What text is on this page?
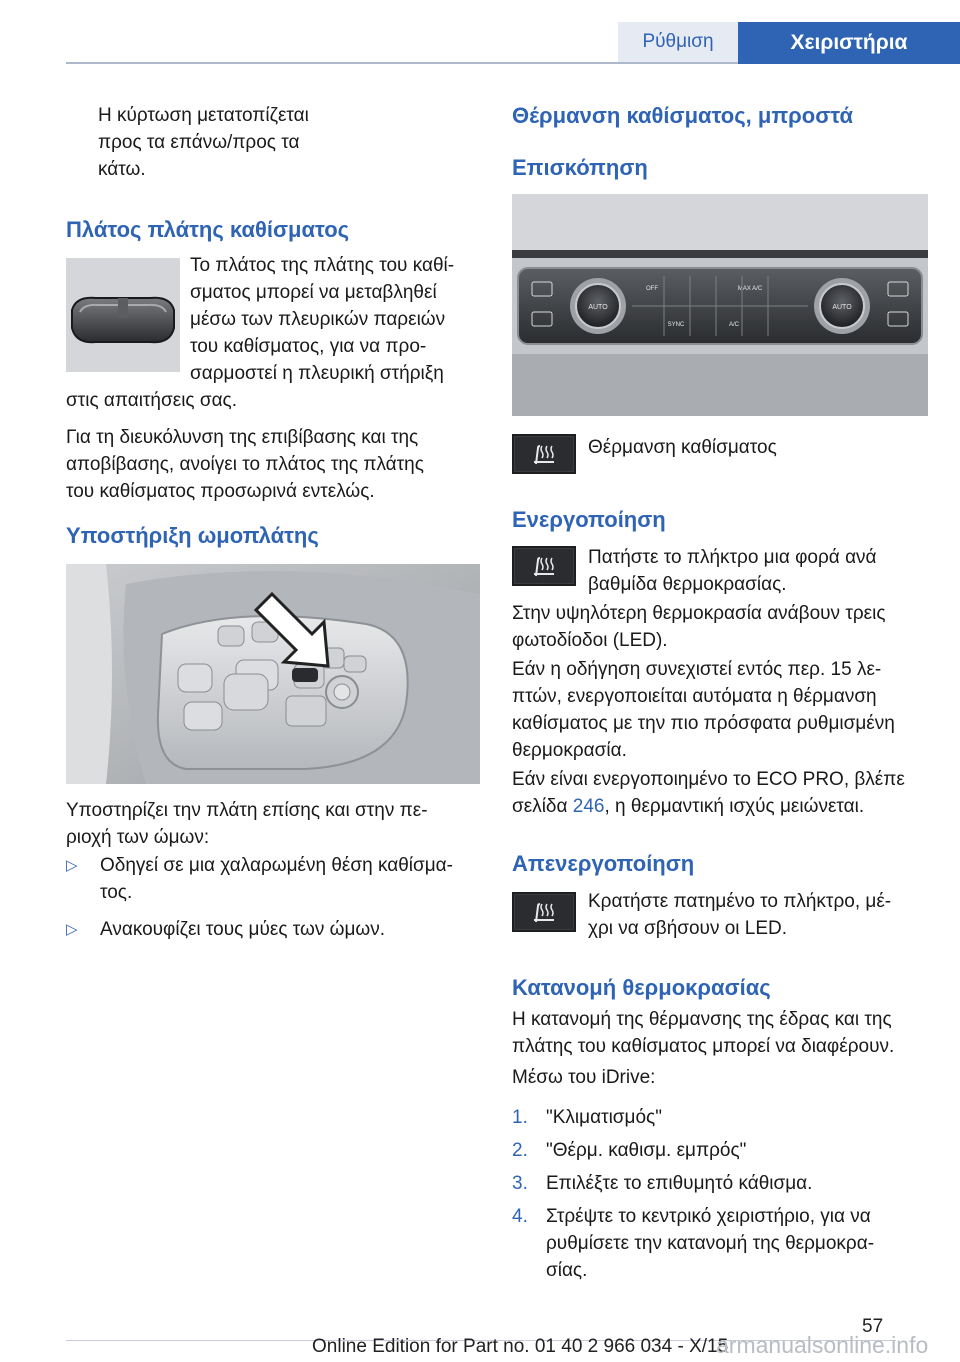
Ρύθμιση	Χειριστήρια

Η κύρτωση μετατοπίζεται

προς τα επάνω/προς τα

κάτω.

Πλάτος πλάτης καθίσματος

Το πλάτος της πλάτης του καθί-

σματος μπορεί να μεταβληθεί

μέσω των πλευρικών παρειών

του καθίσματος, για να προ-

σαρμοστεί η πλευρική στήριξη

στις απαιτήσεις σας.

Για τη διευκόλυνση της επιβίβασης και της

αποβίβασης, ανοίγει το πλάτος της πλάτης

του καθίσματος προσωρινά εντελώς.

Υποστήριξη ωμοπλάτης

Υποστηρίζει την πλάτη επίσης και στην πε-

ριοχή των ώμων:

▷	Οδηγεί σε μια χαλαρωμένη θέση καθίσμα-

τος.

▷	Ανακουφίζει τους μύες των ώμων.

Θέρμανση καθίσματος, μπροστά
Επισκόπηση
AUTO	AUTO
OFF	MAX A/C
SYNC	A/C

Θέρμανση καθίσματος

Ενεργοποίηση

Πατήστε το πλήκτρο μια φορά ανά

βαθμίδα θερμοκρασίας.

Στην υψηλότερη θερμοκρασία ανάβουν τρεις

φωτοδίοδοι (LED).

Εάν η οδήγηση συνεχιστεί εντός περ. 15 λε-

πτών, ενεργοποιείται αυτόματα η θέρμανση

καθίσματος με την πιο πρόσφατα ρυθμισμένη

θερμοκρασία.

Εάν είναι ενεργοποιημένο το ECO PRO, βλέπε

σελίδα 246, η θερμαντική ισχύς μειώνεται.

Απενεργοποίηση

Κρατήστε πατημένο το πλήκτρο, μέ-

χρι να σβήσουν οι LED.

Κατανομή θερμοκρασίας

Η κατανομή της θέρμανσης της έδρας και της

πλάτης του καθίσματος μπορεί να διαφέρουν.

Μέσω του iDrive:

1. "Κλιματισμός"

2. "Θέρμ. καθισμ. εμπρός"

3. Επιλέξτε το επιθυμητό κάθισμα.

4. Στρέψτε το κεντρικό χειριστήριο, για να

ρυθμίσετε την κατανομή της θερμοκρα-

σίας.

57
Online Edition for Part no. 01 40 2 966 034 - X/15
armanualsonline.info
